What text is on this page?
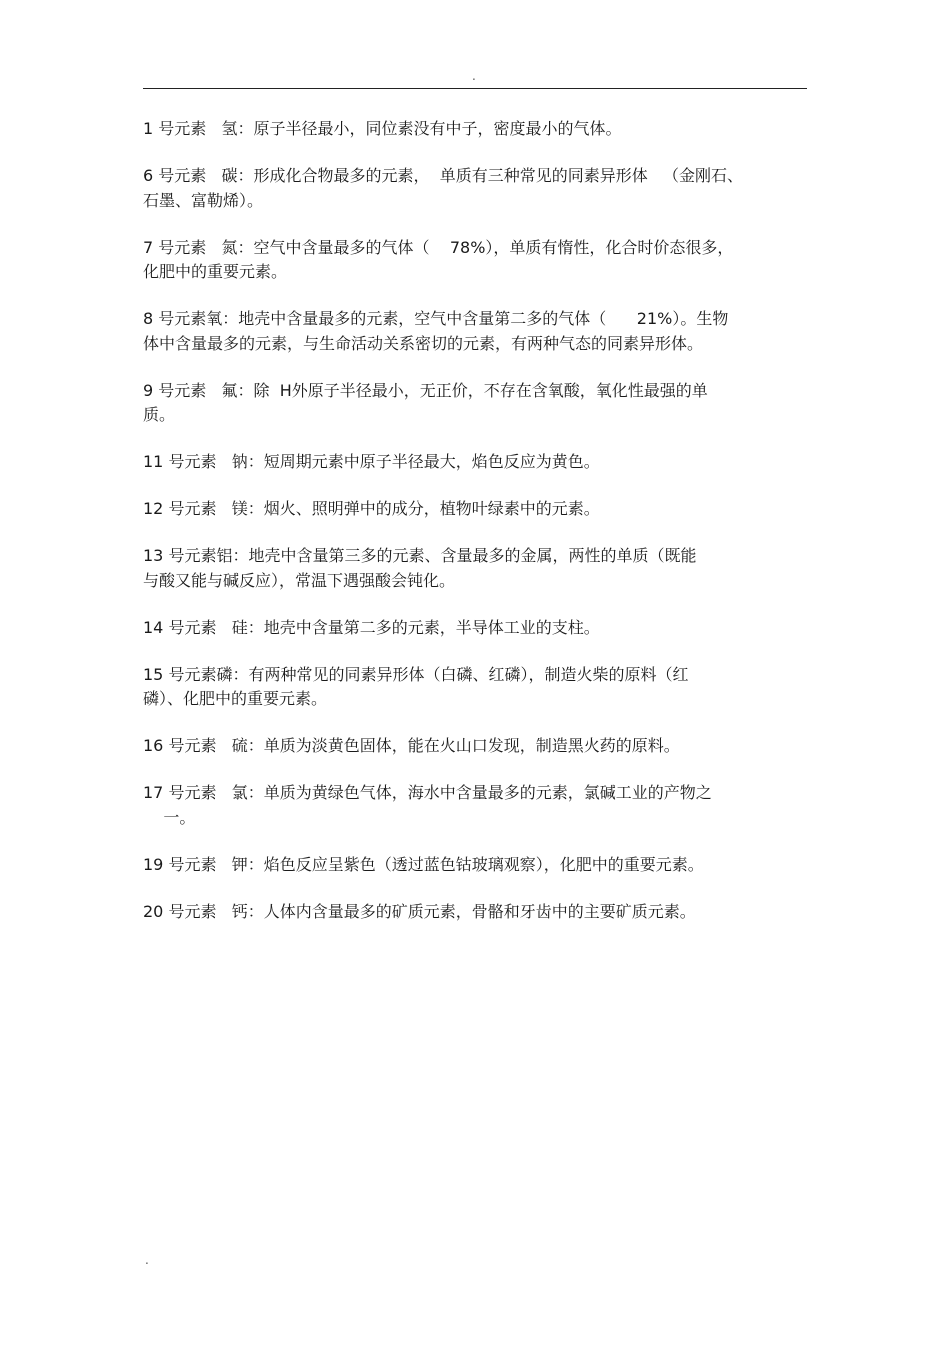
.

1 号元素   氢：原子半径最小，同位素没有中子，密度最小的气体。

6 号元素   碳：形成化合物最多的元素，  单质有三种常见的同素异形体   （金刚石、
石墨、富勒烯）。

7 号元素   氮：空气中含量最多的气体（    78%），单质有惰性，化合时价态很多，
化肥中的重要元素。

8 号元素氧：地壳中含量最多的元素，空气中含量第二多的气体（      21%）。生物
体中含量最多的元素，与生命活动关系密切的元素，有两种气态的同素异形体。

9 号元素   氟：除  H外原子半径最小，无正价，不存在含氧酸，氧化性最强的单
质。

11 号元素   钠：短周期元素中原子半径最大，焰色反应为黄色。

12 号元素   镁：烟火、照明弹中的成分，植物叶绿素中的元素。

13 号元素铝：地壳中含量第三多的元素、含量最多的金属，两性的单质（既能
与酸又能与碱反应），常温下遇强酸会钝化。

14 号元素   硅：地壳中含量第二多的元素，半导体工业的支柱。

15 号元素磷：有两种常见的同素异形体（白磷、红磷），制造火柴的原料（红
磷）、化肥中的重要元素。

16 号元素   硫：单质为淡黄色固体，能在火山口发现，制造黑火药的原料。

17 号元素   氯：单质为黄绿色气体，海水中含量最多的元素，氯碱工业的产物之
一。

19 号元素   钾：焰色反应呈紫色（透过蓝色钴玻璃观察），化肥中的重要元素。

20 号元素   钙：人体内含量最多的矿质元素，骨骼和牙齿中的主要矿质元素。

.
